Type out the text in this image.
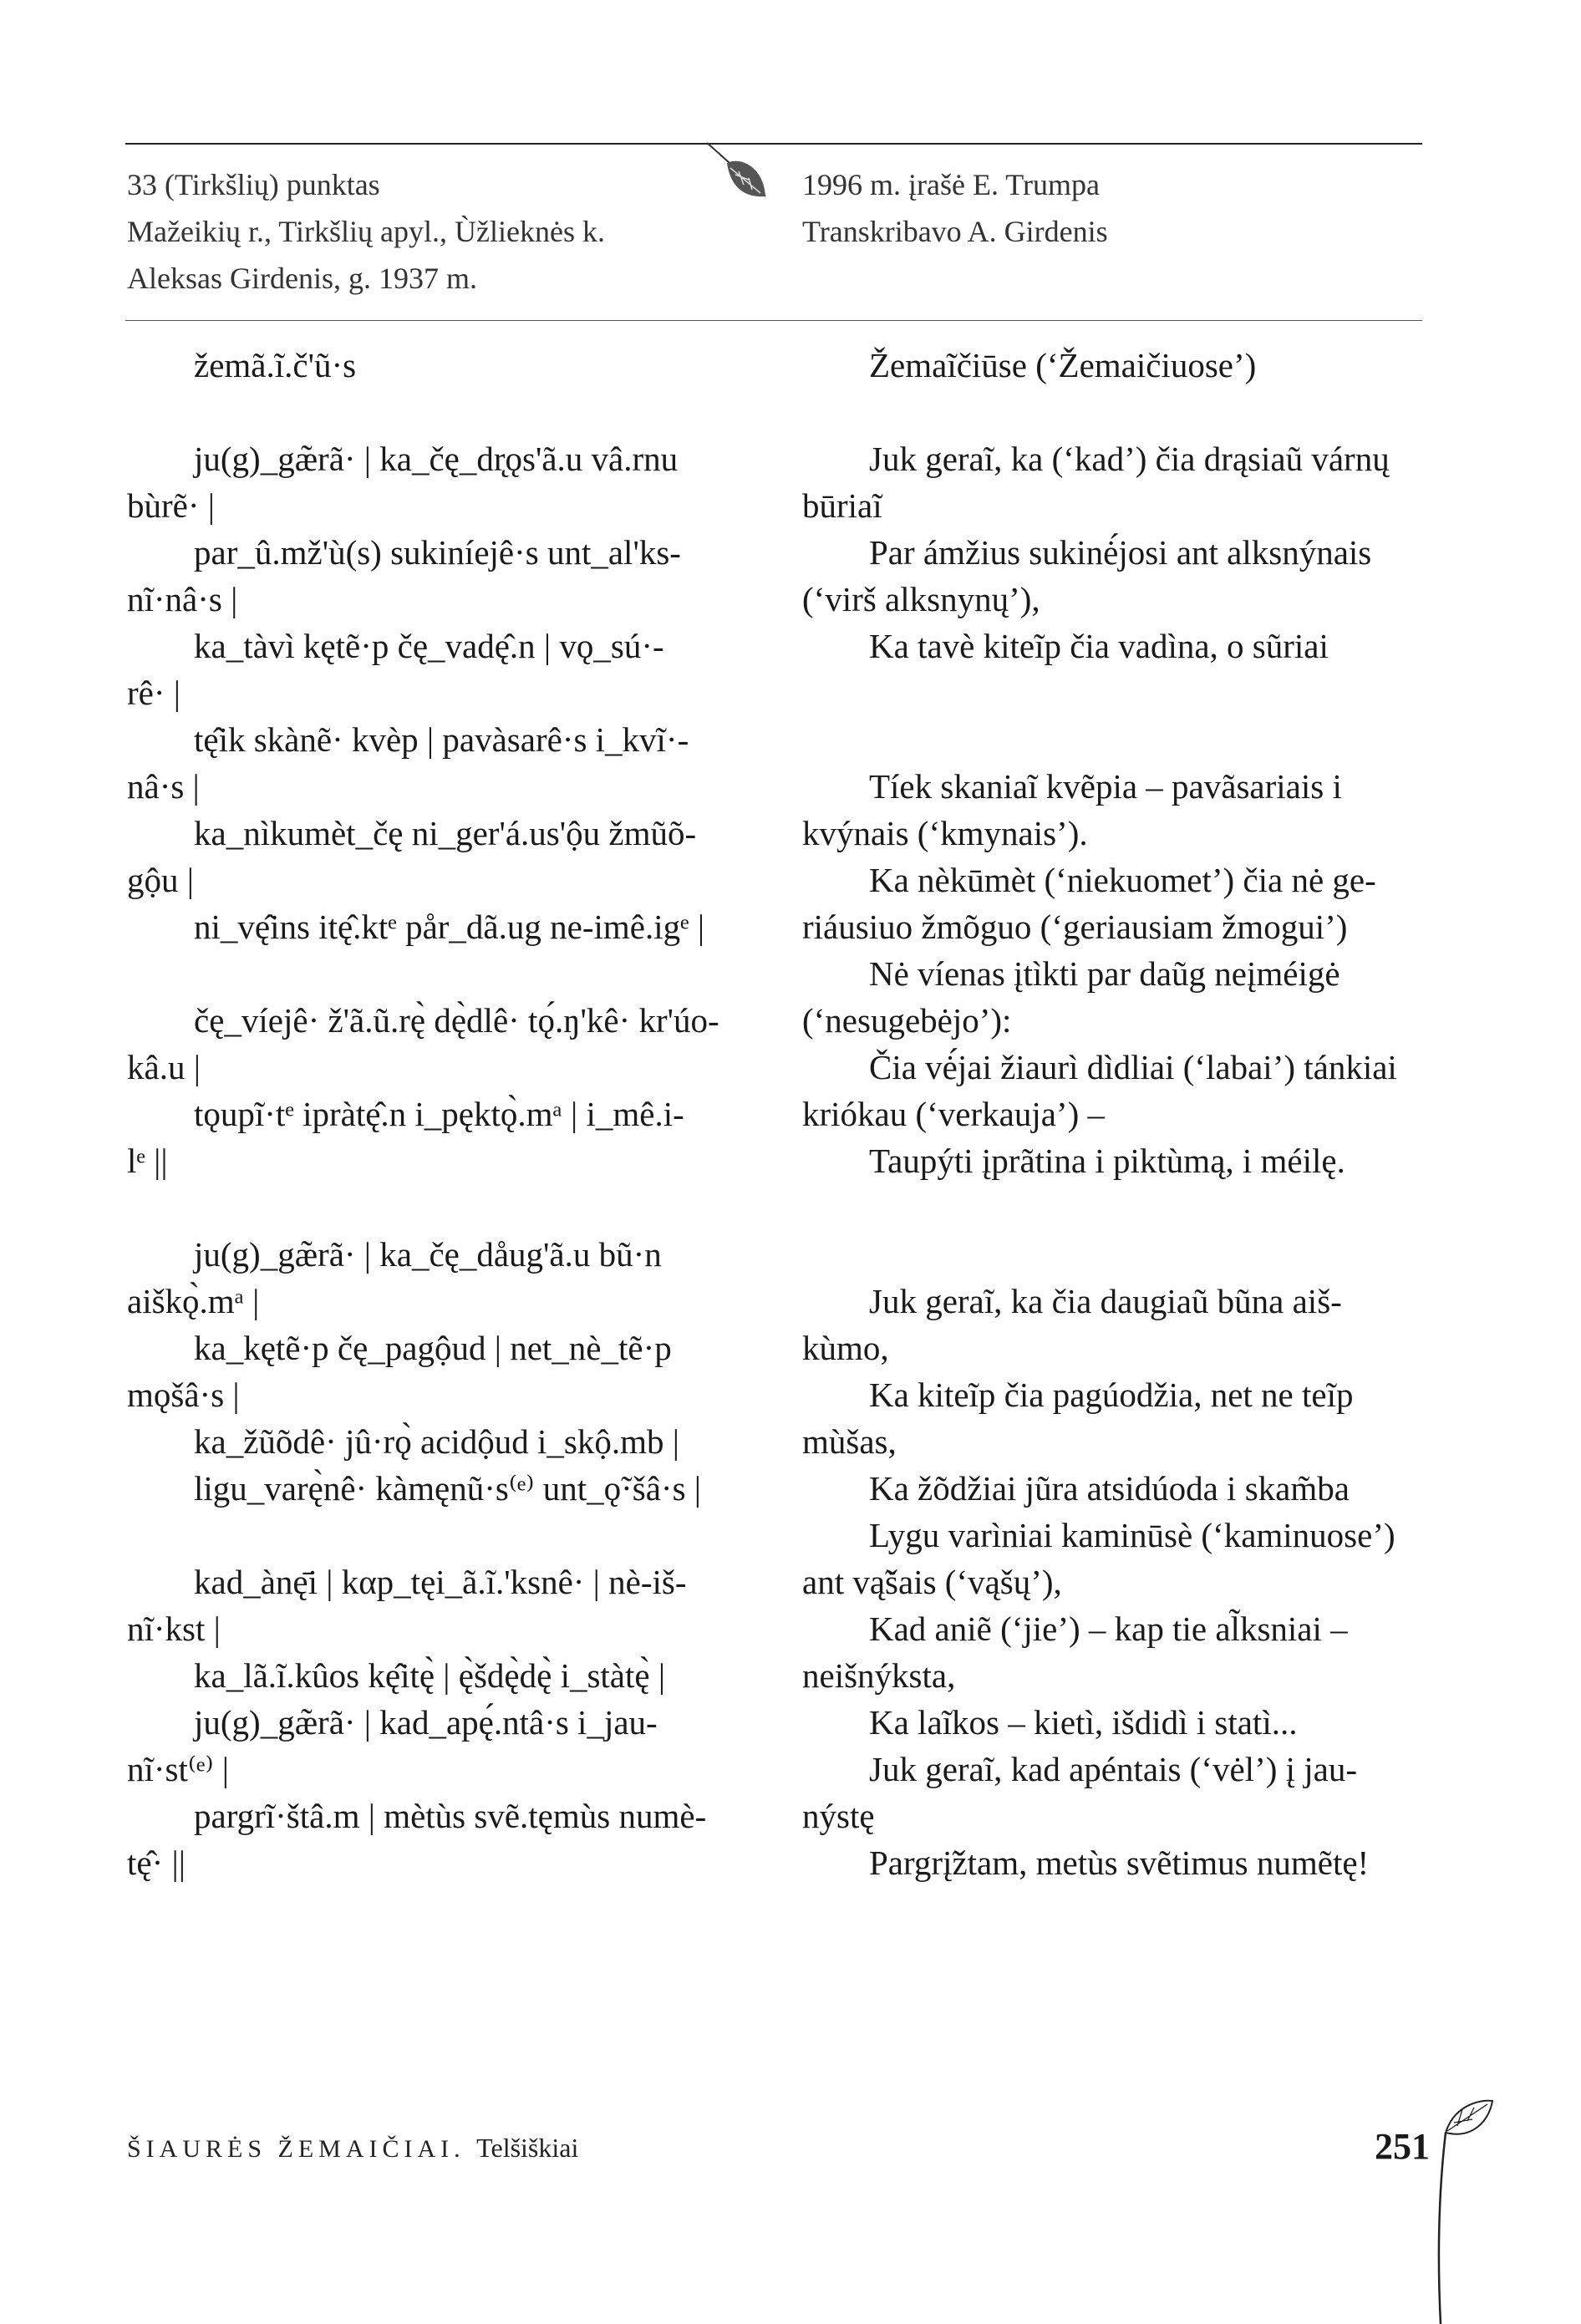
33 (Tirkšlių) punktas
Mažeikių r., Tirkšlių apyl., Ùžlieknės k.
Aleksas Girdenis, g. 1937 m.
1996 m. įrašė E. Trumpa
Transkribavo A. Girdenis
žemã.ĩ.č'ũ·s
ju(g)_gæ̃rã· | ka_čę_dr̨ǫs'ã.u vâ.rnu
bùrẽ· |
par_û.mž'ù(s) sukiníejê·s unt_al'ks-
nĩ·nâ·s |
ka_tàvì kętẽ·p čę_vadę̂.n | vǫ_sú·-
rê· |
tę̂ik skànẽ· kvèp | pavàsarê·s i_kvĩ·-
nâ·s |
ka_nìkumèt_čę ni_ger'á.us'ộu žmũõ-
gộu |
ni_vę̂ins itę̂.ktᵉ pår_dã.ug ne-imê.igᵉ |
čę_víejê· ž'ã.ũ.rę̀ dę̀dlê· tǫ́.ŋ'kê· kr'úo-
kâ.u |
tǫupĩ·tᵉ ipràtę̂.n i_pęktǫ̀.mᵃ | i_mê.i-
lᵉ ||
ju(g)_gæ̃rã· | ka_čę_dåug'ã.u bũ·n
aiškǫ̀.mᵃ |
ka_kętẽ·p čę_pagộud | net_nè_tẽ·p
mǫšâ·s |
ka_žũõdê· jû·rǫ̀ acidộud i_skộ.mb |
ligu_varę̀nê· kàmęnũ·s⁽ᵉ⁾ unt_ǫ̃·šâ·s |
kad_ànę̄i | kαp_tęi_ã.ĩ.'ksnê· | nè-iš-
nĩ·kst |
ka_lã.ĩ.kûos kę̂itę̀ | ę̀šdę̀dę̀ i_stàtę̀ |
ju(g)_gæ̃rã· | kad_apę́.ntâ·s i_jau-
nĩ·st⁽ᵉ⁾ |
pargrĩ·štâ.m | mètùs svẽ.tęmùs numè-
tę̂· ||
Žemaĩčiūse (‘Žemaičiuose’)
Juk geraĩ, ka (‘kad’) čia drąsiaũ várnų
būriaĩ
Par ámžius sukinė́josi ant alksnýnais
(‘virš alksnynų’),
Ka tavè kiteĩp čia vadìna, o sũriai
Tíek skaniaĩ kvẽpia – pavãsariais i
kvýnais (‘kmynais’).
Ka nèkūmèt (‘niekuomet’) čia nė ge-
riáusiuo žmõguo (‘geriausiam žmogui’)
Nė víenas įtìkti par daũg neįméigė
(‘nesugebėjo’):
Čia vė́jai žiaurì dìdliai (‘labai’) tánkiai
kriókau (‘verkauja’) –
Taupýti įprãtina i piktùmą, i méilę.
Juk geraĩ, ka čia daugiaũ bũna aiš-
kùmo,
Ka kiteĩp čia pagúodžia, net ne teĩp
mùšas,
Ka žõdžiai jũra atsidúoda i skam̃ba
Lygu varìniai kaminūsè (‘kaminuose’)
ant vą̃šais (‘vąšų’),
Kad aniẽ (‘jie’) – kap tie al̃ksniai –
neišnýksta,
Ka laĩkos – kietì, išdidì i statì...
Juk geraĩ, kad apéntais (‘vėl’) į jau-
nýstę
Pargrį̃žtam, metùs svẽtimus numẽtę!
ŠIAURĖS ŽEMAIČIAI. Telšiškiai	251
